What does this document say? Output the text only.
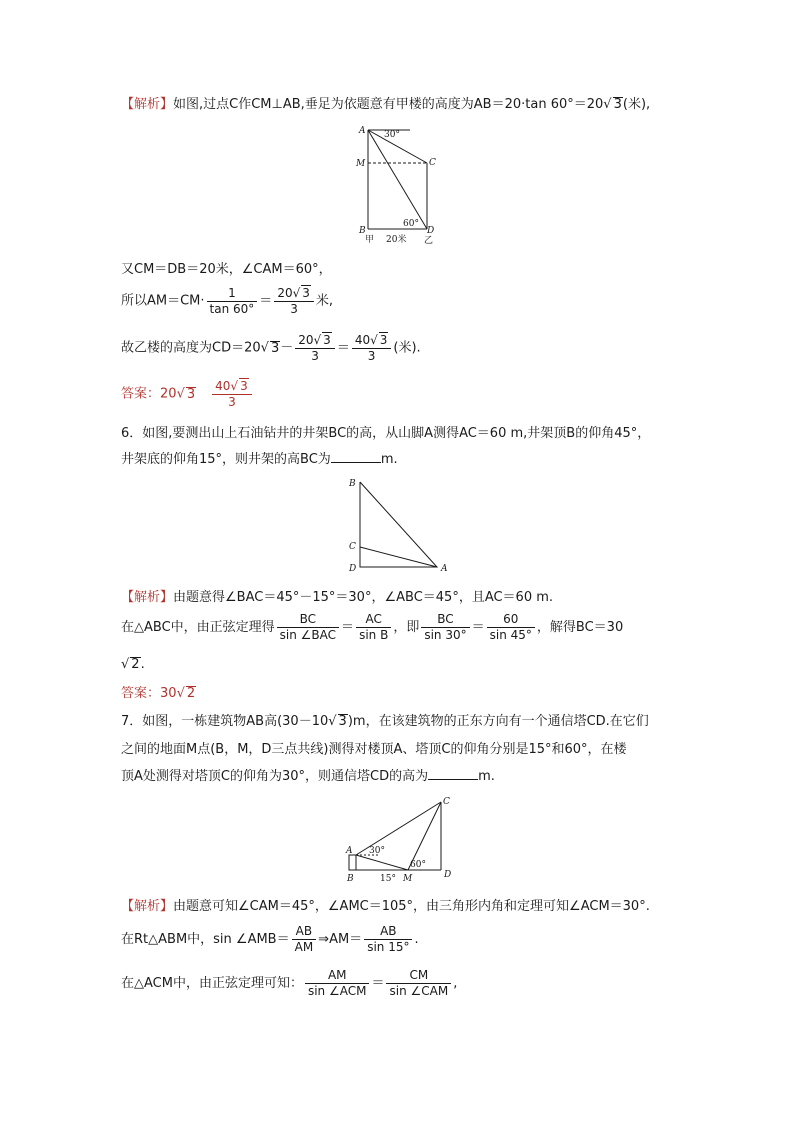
【解析】如图,过点C作CM⊥AB,垂足为依题意有甲楼的高度为AB＝20·tan 60°＝20√ 3(米),
A
M	C
B	D
30°
60°
甲 20米 乙
又CM＝DB＝20米，∠CAM＝60°，
所以$AM=CM\cdot \frac{1}{\tan 60^\circ} = \frac{20√ 3}{3}$ 米,
故乙楼的高度为CD＝20√ $3- \frac{20√ 3}{3} = \frac{40√ 3}{3}$ (米).
答案：20√ $3 \frac{40√ 3}{3}$
6．如图,要测出山上石油钻井的井架BC的高，从山脚A测得AC＝60 m,井架顶B的仰角45°，
井架底的仰角15°，则井架的高BC为	m.
B
C
D	A
【解析】由题意得∠BAC＝45°－15°＝30°，∠ABC＝45°，且AC＝60 m.
在△ABC中，由正弦定理得 $\frac{BC}{\text{sin ∠BAC}} = \frac{AC}{\text{sin B}}$ ，即 $\frac{BC}{\sin 30^\circ} = \frac{60}{\sin 45^\circ}$ ，解得BC＝30
√ 2.
答案：30√ 2
7．如图，一栋建筑物AB高(30－10√ 3)m，在该建筑物的正东方向有一个通信塔CD.在它们
之间的地面M点(B，M，D三点共线)测得对楼顶A、塔顶C的仰角分别是15°和60°，在楼
顶A处测得对塔顶C的仰角为30°，则通信塔CD的高为	m.
C
A 30°
60°
B	15° M	D
【解析】由题意可知∠CAM＝45°，∠AMC＝105°，由三角形内角和定理可知∠ACM＝30°.
在Rt△ABM中，sin ∠AMB＝ $\frac{AB}{AM}$ ⇒AM＝ $\frac{AB}{\sin 15^\circ}$ .
在△ACM中，由正弦定理可知： $\frac{AM}{\text{sin ∠ACM}} = \frac{CM}{\text{sin ∠CAM}}$ ,
